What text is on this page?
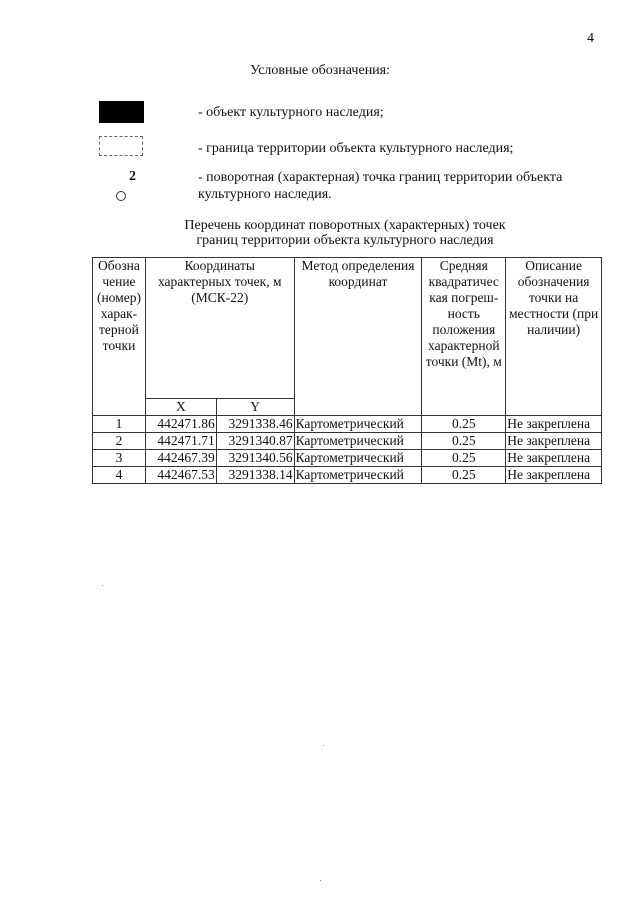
4
Условные обозначения:
- объект культурного наследия;
- граница территории объекта культурного наследия;
2	- поворотная (характерная) точка границ территории объекта культурного наследия.
Перечень координат поворотных (характерных) точек
границ территории объекта культурного наследия
Обозна чение (номер) харак- терной точки	Координаты характерных точек, м (МСК-22)		Метод определения координат	Средняя квадратичес кая погреш- ность положения характерной точки (Mt), м	Описание обозначения точки на местности (при наличии)
	X	Y			
1	442471.86	3291338.46	Картометрический	0.25	Не закреплена
2	442471.71	3291340.87	Картометрический	0.25	Не закреплена
3	442467.39	3291340.56	Картометрический	0.25	Не закреплена
4	442467.53	3291338.14	Картометрический	0.25	Не закреплена
